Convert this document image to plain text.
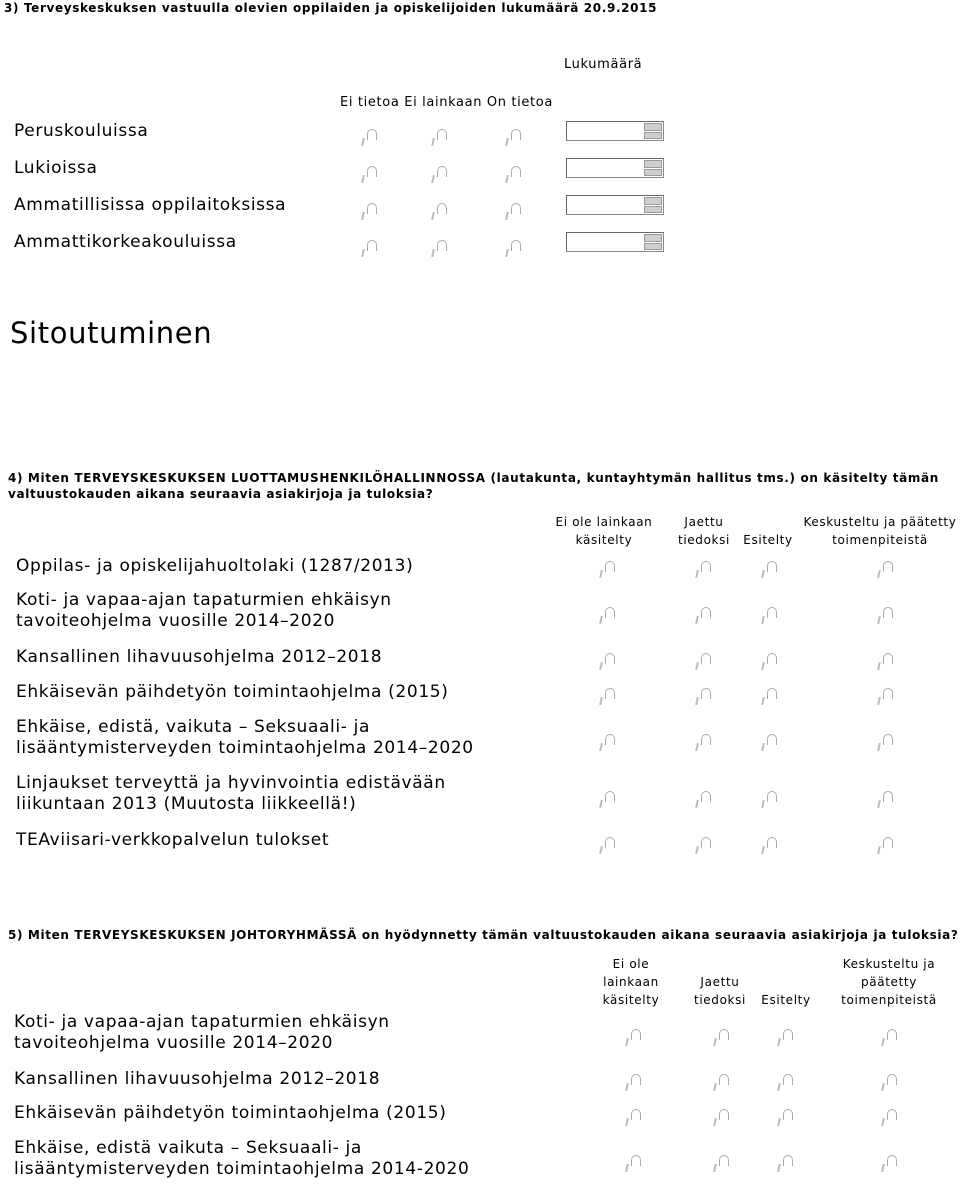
3) Terveyskeskuksen vastuulla olevien oppilaiden ja opiskelijoiden lukumäärä 20.9.2015
Lukumäärä
Ei tietoa Ei lainkaan On tietoa
Peruskouluissa
Lukioissa
Ammatillisissa oppilaitoksissa
Ammattikorkeakouluissa
Sitoutuminen
4) Miten TERVEYSKESKUKSEN LUOTTAMUSHENKILÖHALLINNOSSA (lautakunta, kuntayhtymän hallitus tms.) on käsitelty tämän
valtuustokauden aikana seuraavia asiakirjoja ja tuloksia?
Ei ole lainkaan käsitelty
Jaettu tiedoksi	Esitelty
Keskusteltu ja päätetty toimenpiteistä
Oppilas- ja opiskelijahuoltolaki (1287/2013)
Koti- ja vapaa-ajan tapaturmien ehkäisyn tavoiteohjelma vuosille 2014–2020
Kansallinen lihavuusohjelma 2012–2018
Ehkäisevän päihdetyön toimintaohjelma (2015)
Ehkäise, edistä, vaikuta – Seksuaali- ja lisääntymisterveyden toimintaohjelma 2014–2020
Linjaukset terveyttä ja hyvinvointia edistävään liikuntaan 2013 (Muutosta liikkeellä!)
TEAviisari-verkkopalvelun tulokset
5) Miten TERVEYSKESKUKSEN JOHTORYHMÄSSÄ on hyödynnetty tämän valtuustokauden aikana seuraavia asiakirjoja ja tuloksia?
Ei ole lainkaan käsitelty
Jaettu tiedoksi	Esitelty
Keskusteltu ja päätetty toimenpiteistä
Koti- ja vapaa-ajan tapaturmien ehkäisyn tavoiteohjelma vuosille 2014–2020
Kansallinen lihavuusohjelma 2012–2018
Ehkäisevän päihdetyön toimintaohjelma (2015)
Ehkäise, edistä vaikuta – Seksuaali- ja lisääntymisterveyden toimintaohjelma 2014-2020
